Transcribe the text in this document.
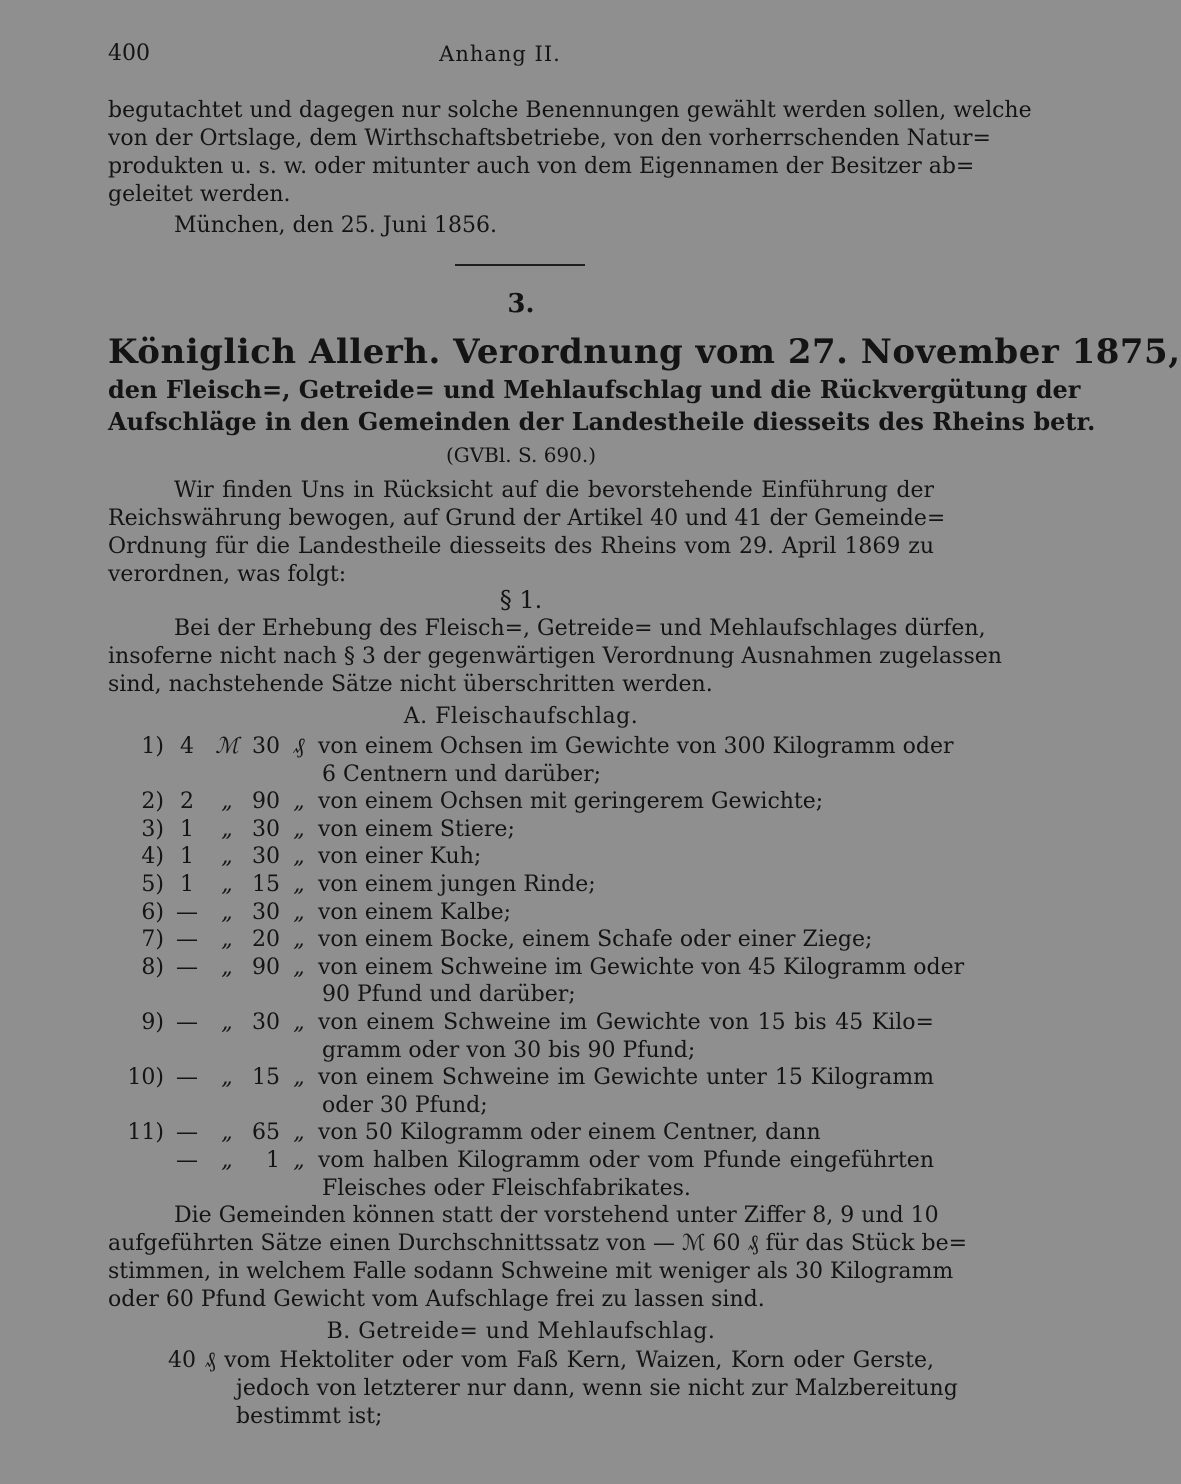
400	Anhang II.
begutachtet und dagegen nur solche Benennungen gewählt werden sollen, welche
von der Ortslage, dem Wirthschaftsbetriebe, von den vorherrschenden Natur=
produkten u. s. w. oder mitunter auch von dem Eigennamen der Besitzer ab=
geleitet werden.
München, den 25. Juni 1856.
3.
Königlich Allerh. Verordnung vom 27. November 1875,
den Fleisch=, Getreide= und Mehlaufschlag und die Rückvergütung der
Aufschläge in den Gemeinden der Landestheile diesseits des Rheins betr.
(GVBl. S. 690.)
Wir finden Uns in Rücksicht auf die bevorstehende Einführung der
Reichswährung bewogen, auf Grund der Artikel 40 und 41 der Gemeinde=
Ordnung für die Landestheile diesseits des Rheins vom 29. April 1869 zu
verordnen, was folgt:
§ 1.
Bei der Erhebung des Fleisch=, Getreide= und Mehlaufschlages dürfen,
insoferne nicht nach § 3 der gegenwärtigen Verordnung Ausnahmen zugelassen
sind, nachstehende Sätze nicht überschritten werden.
A. Fleischaufschlag.
1) 4 ℳ 30 ₰ von einem Ochsen im Gewichte von 300 Kilogramm oder
6 Centnern und darüber;
2) 2	„ 90 „ von einem Ochsen mit geringerem Gewichte;
3) 1	„ 30 „ von einem Stiere;
4) 1	„ 30 „ von einer Kuh;
5) 1	„ 15 „ von einem jungen Rinde;
6) —	„ 30 „ von einem Kalbe;
7) —	„ 20 „ von einem Bocke, einem Schafe oder einer Ziege;
8) —	„ 90 „ von einem Schweine im Gewichte von 45 Kilogramm oder
90 Pfund und darüber;
9) —	„ 30 „ von einem Schweine im Gewichte von 15 bis 45 Kilo=
gramm oder von 30 bis 90 Pfund;
10) —	„ 15 „ von einem Schweine im Gewichte unter 15 Kilogramm
oder 30 Pfund;
11) —	„ 65 „ von 50 Kilogramm oder einem Centner, dann
—	„	1 „ vom halben Kilogramm oder vom Pfunde eingeführten
Fleisches oder Fleischfabrikates.
Die Gemeinden können statt der vorstehend unter Ziffer 8, 9 und 10
aufgeführten Sätze einen Durchschnittssatz von — ℳ 60 ₰ für das Stück be=
stimmen, in welchem Falle sodann Schweine mit weniger als 30 Kilogramm
oder 60 Pfund Gewicht vom Aufschlage frei zu lassen sind.
B. Getreide= und Mehlaufschlag.
40 ₰ vom Hektoliter oder vom Faß Kern, Waizen, Korn oder Gerste,
jedoch von letzterer nur dann, wenn sie nicht zur Malzbereitung
bestimmt ist;
